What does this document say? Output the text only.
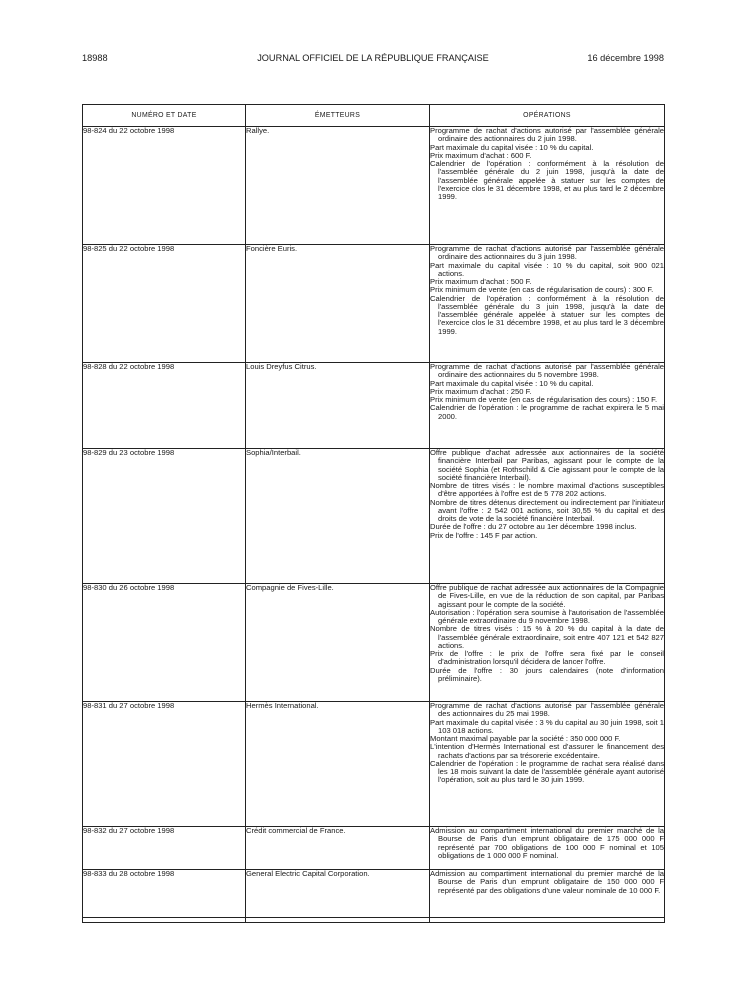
18988	JOURNAL OFFICIEL DE LA RÉPUBLIQUE FRANÇAISE	16 décembre 1998
NUMÉRO ET DATE	ÉMETTEURS	OPÉRATIONS
98-824 du 22 octobre 1998	Rallye.	Programme de rachat d'actions autorisé par l'assemblée générale ordinaire des actionnaires du 2 juin 1998.

Part maximale du capital visée : 10 % du capital.

Prix maximum d'achat : 600 F.

Calendrier de l'opération : conformément à la résolution de l'assemblée générale du 2 juin 1998, jusqu'à la date de l'assemblée générale appelée à statuer sur les comptes de l'exercice clos le 31 décembre 1998, et au plus tard le 2 décembre 1999.

98-825 du 22 octobre 1998	Foncière Euris.	Programme de rachat d'actions autorisé par l'assemblée générale ordinaire des actionnaires du 3 juin 1998.

Part maximale du capital visée : 10 % du capital, soit 900 021 actions.

Prix maximum d'achat : 500 F.

Prix minimum de vente (en cas de régularisation de cours) : 300 F.

Calendrier de l'opération : conformément à la résolution de l'assemblée générale du 3 juin 1998, jusqu'à la date de l'assemblée générale appelée à statuer sur les comptes de l'exercice clos le 31 décembre 1998, et au plus tard le 3 décembre 1999.

98-828 du 22 octobre 1998	Louis Dreyfus Citrus.	Programme de rachat d'actions autorisé par l'assemblée générale ordinaire des actionnaires du 5 novembre 1998.

Part maximale du capital visée : 10 % du capital.

Prix maximum d'achat : 250 F.

Prix minimum de vente (en cas de régularisation des cours) : 150 F.

Calendrier de l'opération : le programme de rachat expirera le 5 mai 2000.

98-829 du 23 octobre 1998	Sophia/Interbail.	Offre publique d'achat adressée aux actionnaires de la société financière Interbail par Paribas, agissant pour le compte de la société Sophia (et Rothschild & Cie agissant pour le compte de la société financière Interbail).

Nombre de titres visés : le nombre maximal d'actions susceptibles d'être apportées à l'offre est de 5 778 202 actions.

Nombre de titres détenus directement ou indirectement par l'initiateur avant l'offre : 2 542 001 actions, soit 30,55 % du capital et des droits de vote de la société financière Interbail.

Durée de l'offre : du 27 octobre au 1er décembre 1998 inclus.

Prix de l'offre : 145 F par action.

98-830 du 26 octobre 1998	Compagnie de Fives-Lille.	Offre publique de rachat adressée aux actionnaires de la Compagnie de Fives-Lille, en vue de la réduction de son capital, par Paribas agissant pour le compte de la société.

Autorisation : l'opération sera soumise à l'autorisation de l'assemblée générale extraordinaire du 9 novembre 1998.

Nombre de titres visés : 15 % à 20 % du capital à la date de l'assemblée générale extraordinaire, soit entre 407 121 et 542 827 actions.

Prix de l'offre : le prix de l'offre sera fixé par le conseil d'administration lorsqu'il décidera de lancer l'offre.

Durée de l'offre : 30 jours calendaires (note d'information préliminaire).

98-831 du 27 octobre 1998	Hermès International.	Programme de rachat d'actions autorisé par l'assemblée générale des actionnaires du 25 mai 1998.

Part maximale du capital visée : 3 % du capital au 30 juin 1998, soit 1 103 018 actions.

Montant maximal payable par la société : 350 000 000 F.

L'intention d'Hermès International est d'assurer le financement des rachats d'actions par sa trésorerie excédentaire.

Calendrier de l'opération : le programme de rachat sera réalisé dans les 18 mois suivant la date de l'assemblée générale ayant autorisé l'opération, soit au plus tard le 30 juin 1999.

98-832 du 27 octobre 1998	Crédit commercial de France.	Admission au compartiment international du premier marché de la Bourse de Paris d'un emprunt obligataire de 175 000 000 F représenté par 700 obligations de 100 000 F nominal et 105 obligations de 1 000 000 F nominal.

98-833 du 28 octobre 1998	General Electric Capital Corporation.	Admission au compartiment international du premier marché de la Bourse de Paris d'un emprunt obligataire de 150 000 000 F représenté par des obligations d'une valeur nominale de 10 000 F.
